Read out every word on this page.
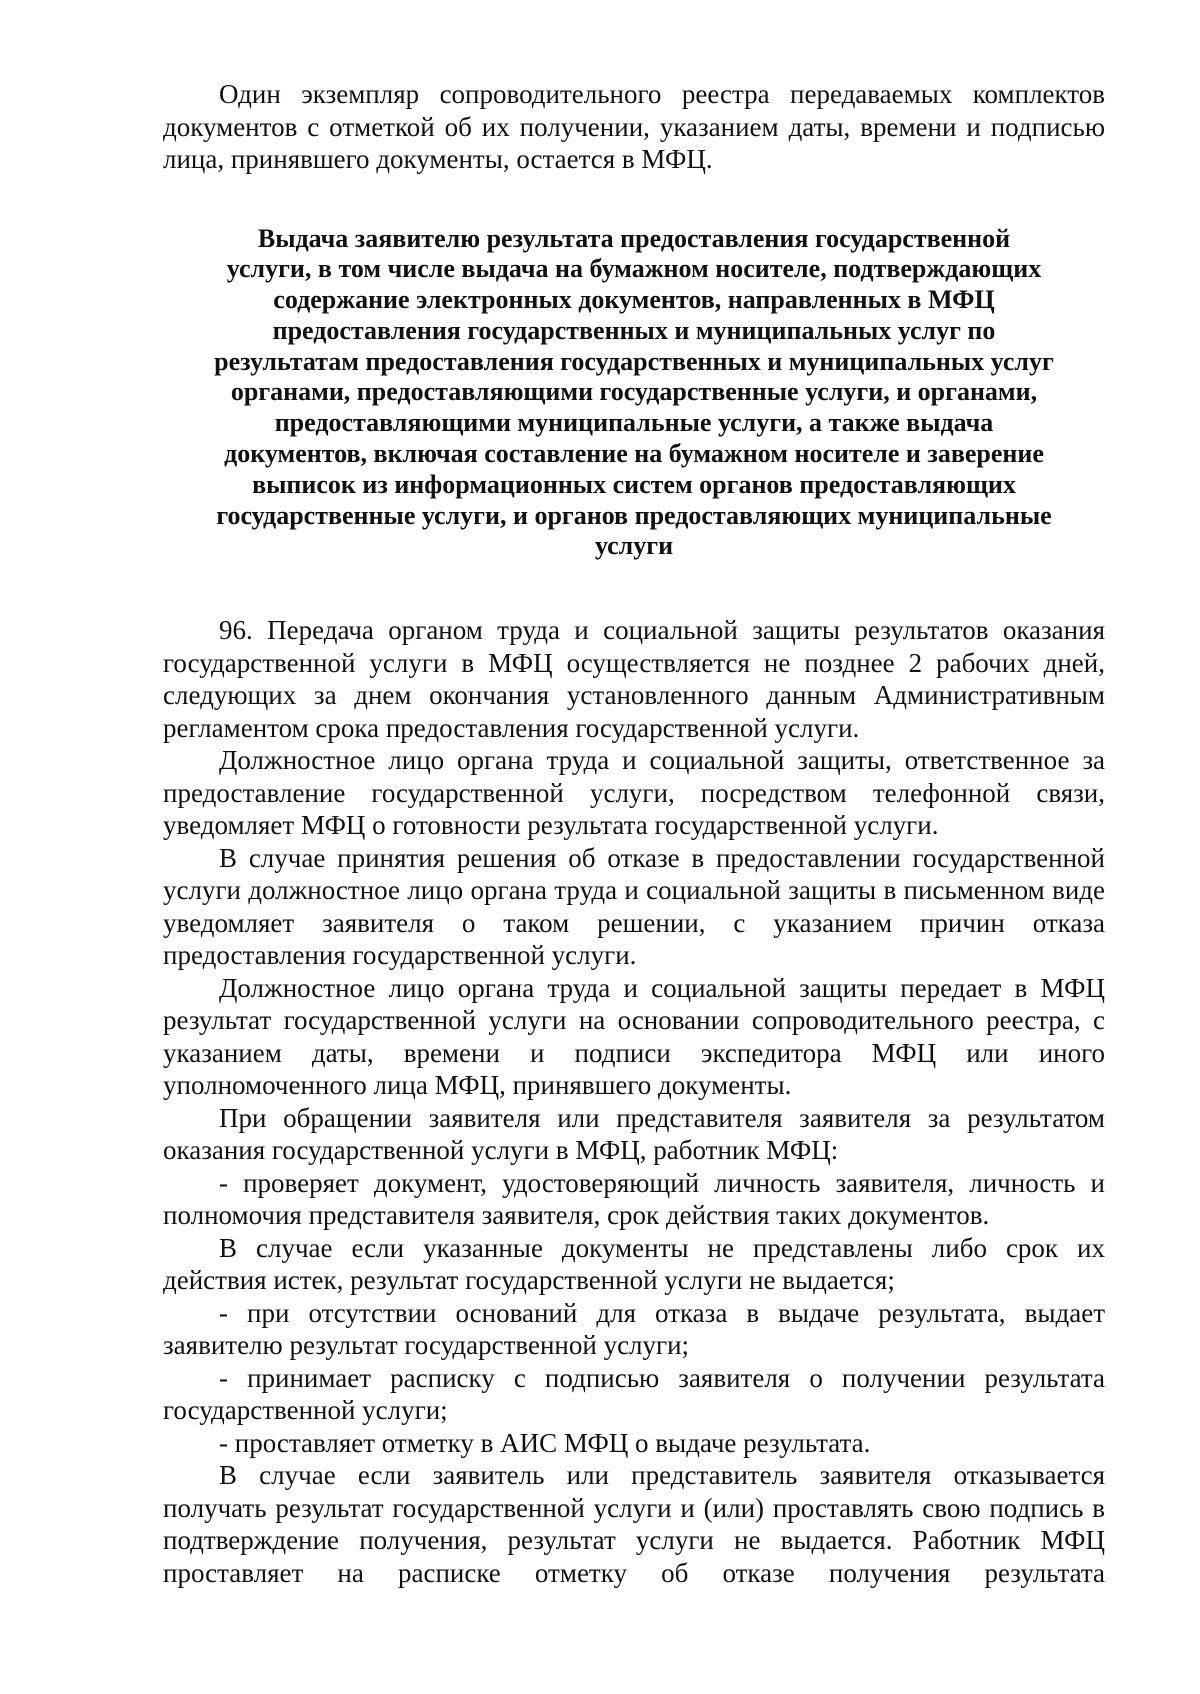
Один экземпляр сопроводительного реестра передаваемых комплектов документов с отметкой об их получении, указанием даты, времени и подписью лица, принявшего документы, остается в МФЦ.

Выдача заявителю результата предоставления государственной
услуги, в том числе выдача на бумажном носителе, подтверждающих
содержание электронных документов, направленных в МФЦ
предоставления государственных и муниципальных услуг по
результатам предоставления государственных и муниципальных услуг
органами, предоставляющими государственные услуги, и органами,
предоставляющими муниципальные услуги, а также выдача
документов, включая составление на бумажном носителе и заверение
выписок из информационных систем органов предоставляющих
государственные услуги, и органов предоставляющих муниципальные
услуги

96. Передача органом труда и социальной защиты результатов оказания государственной услуги в МФЦ осуществляется не позднее 2 рабочих дней, следующих за днем окончания установленного данным Административным регламентом срока предоставления государственной услуги.

Должностное лицо органа труда и социальной защиты, ответственное за предоставление государственной услуги, посредством телефонной связи, уведомляет МФЦ о готовности результата государственной услуги.

В случае принятия решения об отказе в предоставлении государственной услуги должностное лицо органа труда и социальной защиты в письменном виде уведомляет заявителя о таком решении, с указанием причин отказа предоставления государственной услуги.

Должностное лицо органа труда и социальной защиты передает в МФЦ результат государственной услуги на основании сопроводительного реестра, с указанием даты, времени и подписи экспедитора МФЦ или иного уполномоченного лица МФЦ, принявшего документы.

При обращении заявителя или представителя заявителя за результатом оказания государственной услуги в МФЦ, работник МФЦ:

- проверяет документ, удостоверяющий личность заявителя, личность и полномочия представителя заявителя, срок действия таких документов.

В случае если указанные документы не представлены либо срок их действия истек, результат государственной услуги не выдается;

- при отсутствии оснований для отказа в выдаче результата, выдает заявителю результат государственной услуги;

- принимает расписку с подписью заявителя о получении результата государственной услуги;

- проставляет отметку в АИС МФЦ о выдаче результата.

В случае если заявитель или представитель заявителя отказывается получать результат государственной услуги и (или) проставлять свою подпись в подтверждение получения, результат услуги не выдается. Работник МФЦ проставляет на расписке отметку об отказе получения результата
